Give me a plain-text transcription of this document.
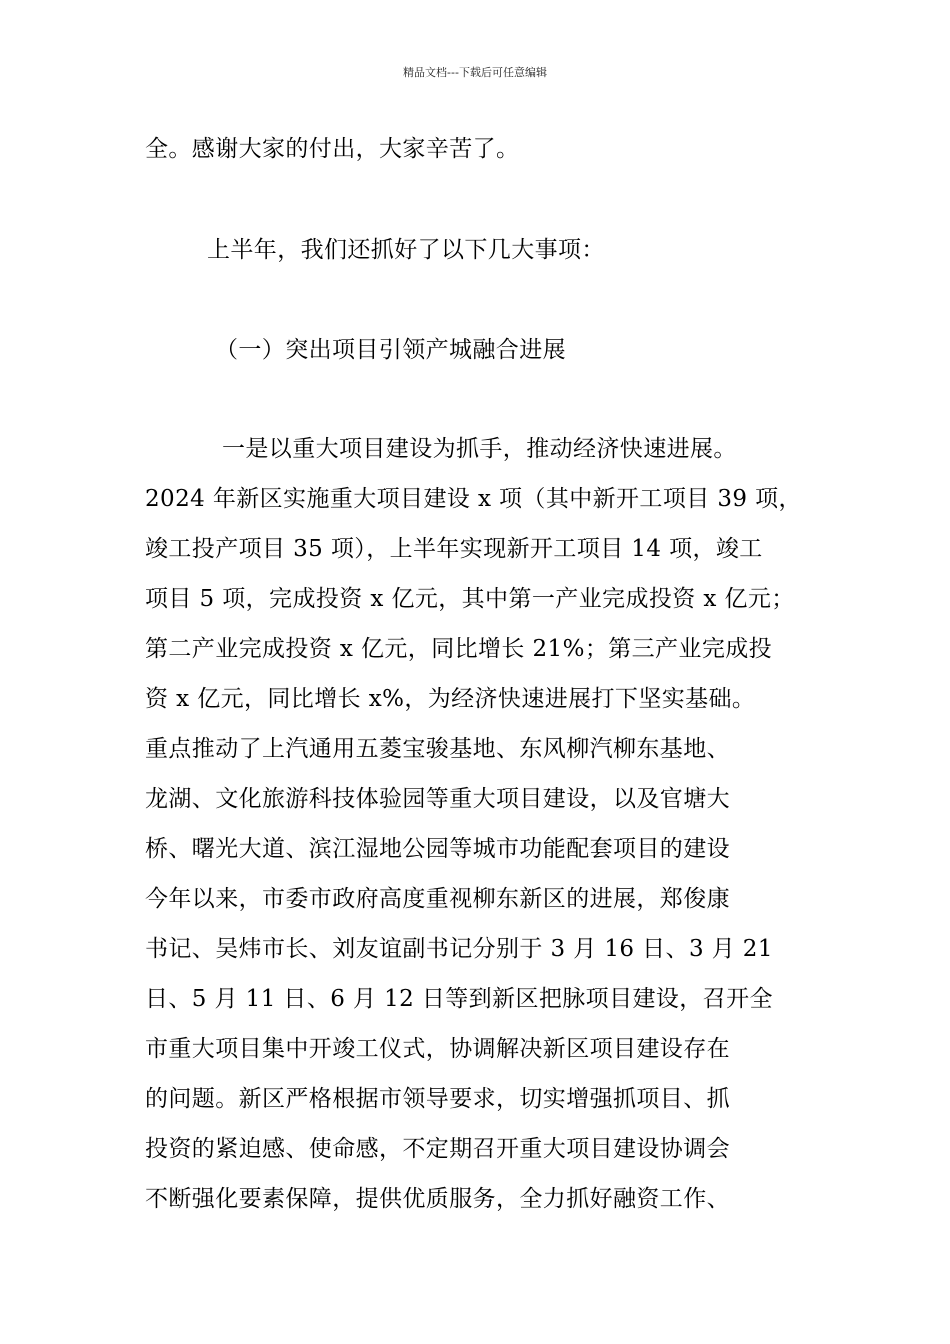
精品文档---下载后可任意编辑
全。感谢大家的付出，大家辛苦了。
上半年，我们还抓好了以下几大事项：
（一）突出项目引领产城融合进展
一是以重大项目建设为抓手，推动经济快速进展。
2024 年新区实施重大项目建设 x 项（其中新开工项目 39 项，
竣工投产项目 35 项），上半年实现新开工项目 14 项，竣工
项目 5 项，完成投资 x 亿元，其中第一产业完成投资 x 亿元；
第二产业完成投资 x 亿元，同比增长 21%；第三产业完成投
资 x 亿元，同比增长 x%，为经济快速进展打下坚实基础。
重点推动了上汽通用五菱宝骏基地、东风柳汽柳东基地、
龙湖、文化旅游科技体验园等重大项目建设，以及官塘大
桥、曙光大道、滨江湿地公园等城市功能配套项目的建设
今年以来，市委市政府高度重视柳东新区的进展，郑俊康
书记、吴炜市长、刘友谊副书记分别于 3 月 16 日、3 月 21
日、5 月 11 日、6 月 12 日等到新区把脉项目建设，召开全
市重大项目集中开竣工仪式，协调解决新区项目建设存在
的问题。新区严格根据市领导要求，切实增强抓项目、抓
投资的紧迫感、使命感，不定期召开重大项目建设协调会
不断强化要素保障，提供优质服务，全力抓好融资工作、
